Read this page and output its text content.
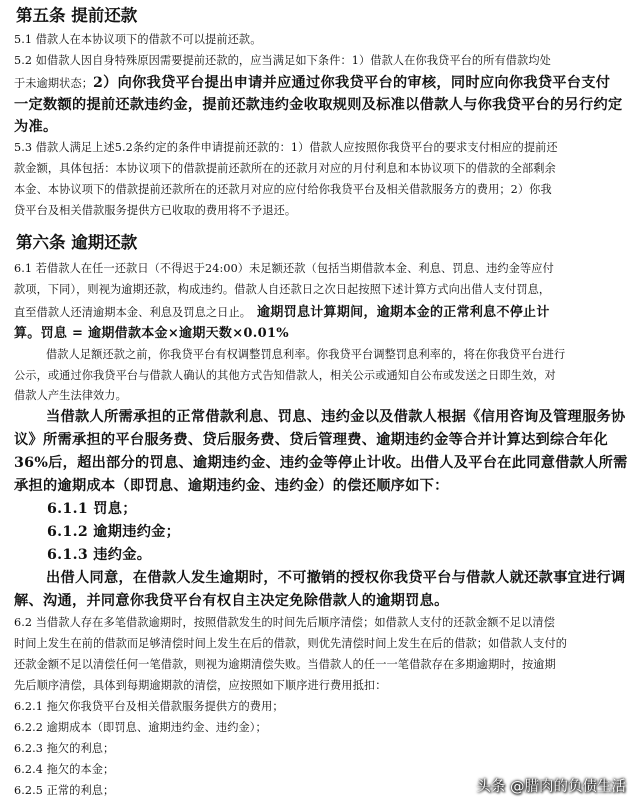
第五条 提前还款
5.1 借款人在本协议项下的借款不可以提前还款。
5.2 如借款人因自身特殊原因需要提前还款的，应当满足如下条件：1）借款人在你我贷平台的所有借款均处
于未逾期状态；2）向你我贷平台提出申请并应通过你我贷平台的审核，同时应向你我贷平台支付
一定数额的提前还款违约金，提前还款违约金收取规则及标准以借款人与你我贷平台的另行约定
为准。
5.3 借款人满足上述5.2条约定的条件申请提前还款的：1）借款人应按照你我贷平台的要求支付相应的提前还
款金额，具体包括：本协议项下的借款提前还款所在的还款月对应的月付利息和本协议项下的借款的全部剩余
本金、本协议项下的借款提前还款所在的还款月对应的应付给你我贷平台及相关借款服务方的费用；2）你我
贷平台及相关借款服务提供方已收取的费用将不予退还。
第六条 逾期还款
6.1 若借款人在任一还款日（不得迟于24:00）未足额还款（包括当期借款本金、利息、罚息、违约金等应付
款项，下同），则视为逾期还款，构成违约。借款人自还款日之次日起按照下述计算方式向出借人支付罚息，
直至借款人还清逾期本金、利息及罚息之日止。 逾期罚息计算期间，逾期本金的正常利息不停止计
算。罚息 = 逾期借款本金×逾期天数×0.01%
借款人足额还款之前，你我贷平台有权调整罚息利率。你我贷平台调整罚息利率的，将在你我贷平台进行
公示，或通过你我贷平台与借款人确认的其他方式告知借款人，相关公示或通知自公布或发送之日即生效，对
借款人产生法律效力。
当借款人所需承担的正常借款利息、罚息、违约金以及借款人根据《信用咨询及管理服务协
议》所需承担的平台服务费、贷后服务费、贷后管理费、逾期违约金等合并计算达到综合年化
36%后，超出部分的罚息、逾期违约金、违约金等停止计收。出借人及平台在此同意借款人所需
承担的逾期成本（即罚息、逾期违约金、违约金）的偿还顺序如下：
6.1.1 罚息；
6.1.2 逾期违约金；
6.1.3 违约金。
出借人同意，在借款人发生逾期时，不可撤销的授权你我贷平台与借款人就还款事宜进行调
解、沟通，并同意你我贷平台有权自主决定免除借款人的逾期罚息。
6.2 当借款人存在多笔借款逾期时，按照借款发生的时间先后顺序清偿；如借款人支付的还款金额不足以清偿
时间上发生在前的借款而足够清偿时间上发生在后的借款，则优先清偿时间上发生在后的借款；如借款人支付的
还款金额不足以清偿任何一笔借款，则视为逾期清偿失败。当借款人的任一一笔借款存在多期逾期时，按逾期
先后顺序清偿，具体到每期逾期款的清偿，应按照如下顺序进行费用抵扣：
6.2.1 拖欠你我贷平台及相关借款服务提供方的费用；
6.2.2 逾期成本（即罚息、逾期违约金、违约金）；
6.2.3 拖欠的利息；
6.2.4 拖欠的本金；
6.2.5 正常的利息；	头条 @腊肉的负债生活
